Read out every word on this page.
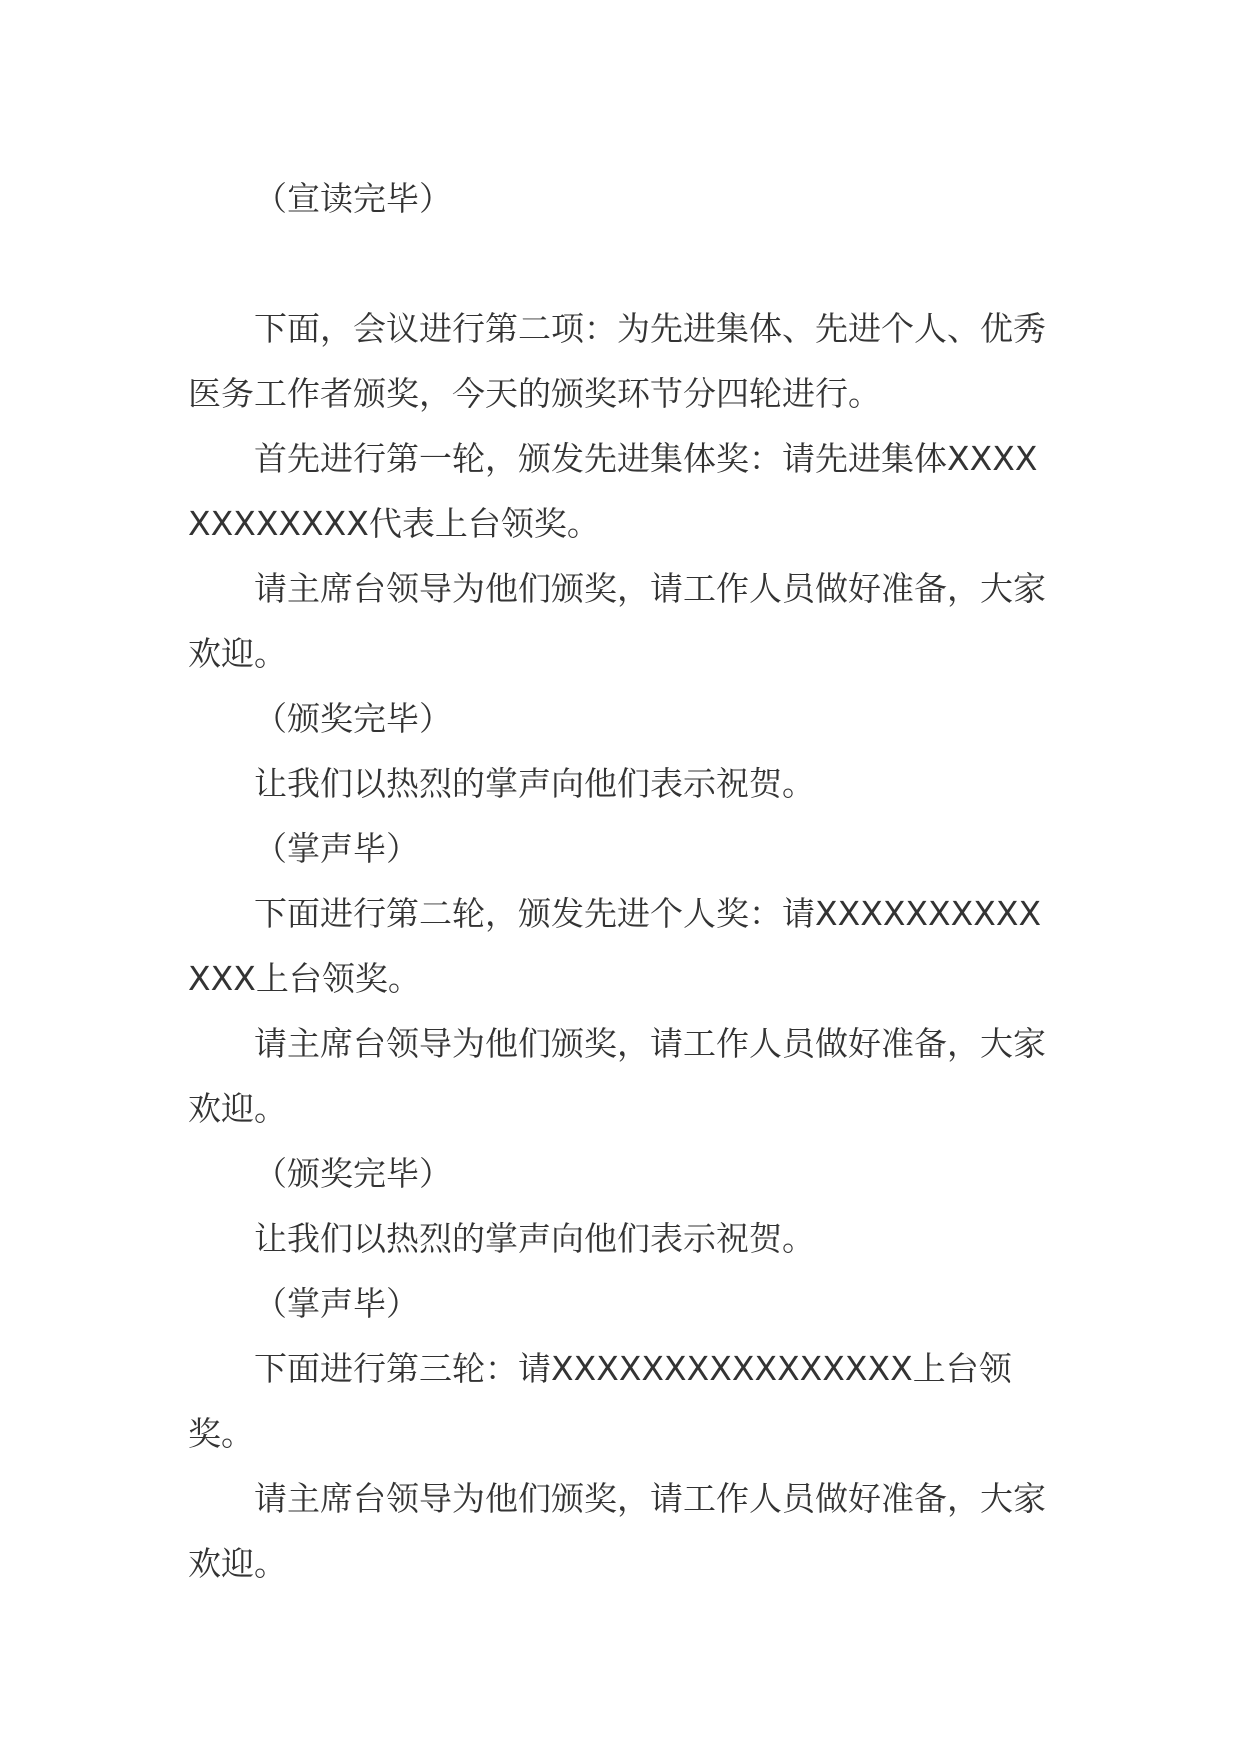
（宣读完毕）

下面，会议进行第二项：为先进集体、先进个人、优秀医务工作者颁奖，今天的颁奖环节分四轮进行。

首先进行第一轮，颁发先进集体奖：请先进集体XXXXXXXXXXXX代表上台领奖。

请主席台领导为他们颁奖，请工作人员做好准备，大家欢迎。

（颁奖完毕）

让我们以热烈的掌声向他们表示祝贺。

（掌声毕）

下面进行第二轮，颁发先进个人奖：请XXXXXXXXXXXXX上台领奖。

请主席台领导为他们颁奖，请工作人员做好准备，大家欢迎。

（颁奖完毕）

让我们以热烈的掌声向他们表示祝贺。

（掌声毕）

下面进行第三轮：请XXXXXXXXXXXXXXXX上台领奖。

请主席台领导为他们颁奖，请工作人员做好准备，大家欢迎。
